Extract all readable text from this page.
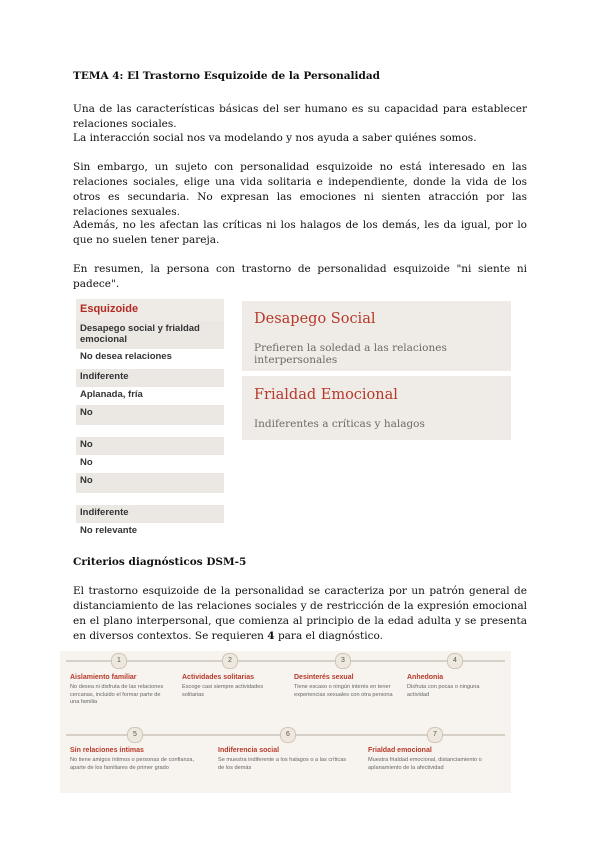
TEMA 4: El Trastorno Esquizoide de la Personalidad
Una de las características básicas del ser humano es su capacidad para establecer relaciones sociales.
La interacción social nos va modelando y nos ayuda a saber quiénes somos.
Sin embargo, un sujeto con personalidad esquizoide no está interesado en las relaciones sociales, elige una vida solitaria e independiente, donde la vida de los otros es secundaria. No expresan las emociones ni sienten atracción por las relaciones sexuales.
Además, no les afectan las críticas ni los halagos de los demás, les da igual, por lo que no suelen tener pareja.
En resumen, la persona con trastorno de personalidad esquizoide "ni siente ni padece".
Esquizoide
Desapego social y frialdad emocional
No desea relaciones
Indiferente
Aplanada, fría
No
No
No
No
Indiferente
No relevante
Desapego Social
Prefieren la soledad a las relaciones interpersonales
Frialdad Emocional
Indiferentes a críticas y halagos
Criterios diagnósticos DSM-5
El trastorno esquizoide de la personalidad se caracteriza por un patrón general de distanciamiento de las relaciones sociales y de restricción de la expresión emocional en el plano interpersonal, que comienza al principio de la edad adulta y se presenta en diversos contextos. Se requieren 4 para el diagnóstico.
1	2	3	4
5	6	7
Aislamiento familiar
No desea ni disfruta de las relaciones cercanas, incluido el formar parte de una familia
Actividades solitarias
Escoge casi siempre actividades solitarias
Desinterés sexual
Tiene escaso o ningún interés en tener experiencias sexuales con otra persona
Anhedonia
Disfruta con pocas o ninguna actividad
Sin relaciones íntimas
No tiene amigos íntimos o personas de confianza, aparte de los familiares de primer grado
Indiferencia social
Se muestra indiferente a los halagos o a las críticas de los demás
Frialdad emocional
Muestra frialdad emocional, distanciamiento o aplanamiento de la afectividad
